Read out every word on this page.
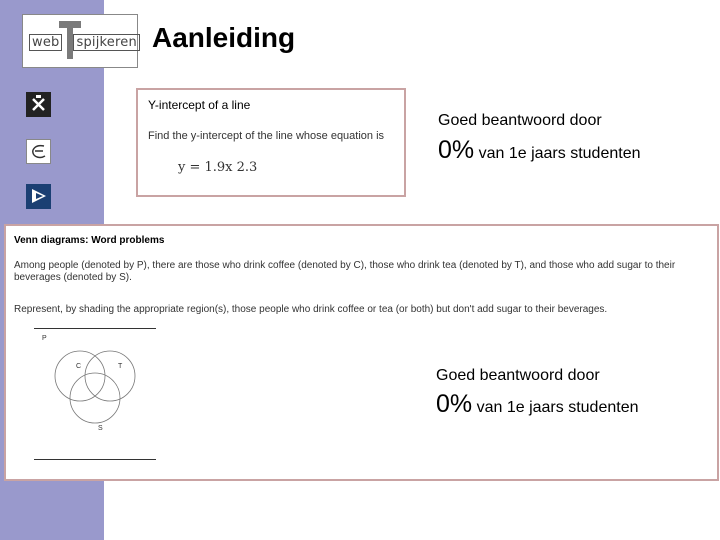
web spijkeren Aanleiding
Y-intercept of a line
Find the y-intercept of the line whose equation is
y = 1.9x 2.3
Goed beantwoord door
0% van 1e jaars studenten
Venn diagrams: Word problems
Among people (denoted by P), there are those who drink coffee (denoted by C), those who drink tea (denoted by T), and those who add sugar to their beverages (denoted by S).
Represent, by shading the appropriate region(s), those people who drink coffee or tea (or both) but don't add sugar to their beverages.
P
C	T
S
Goed beantwoord door
0% van 1e jaars studenten
